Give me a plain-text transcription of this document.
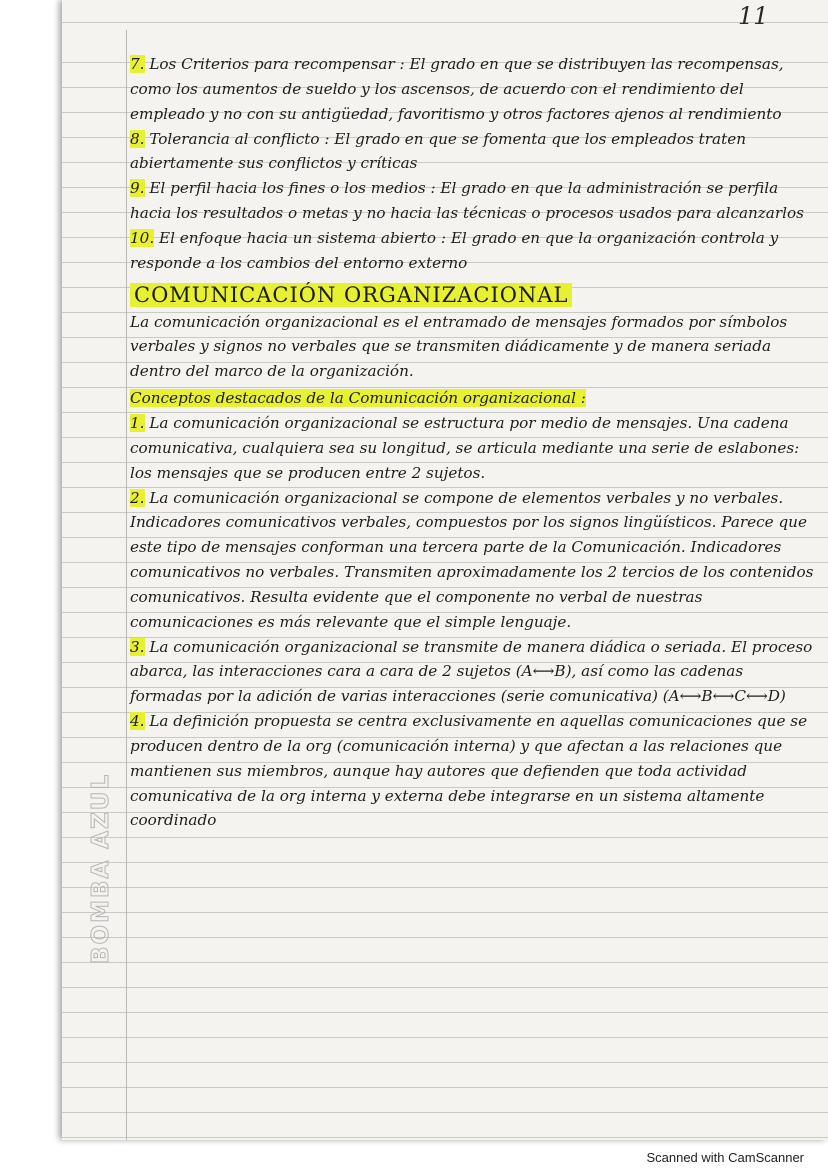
11

7. Los Criterios para recompensar : El grado en que se distribuyen las recompensas, como los aumentos de sueldo y los ascensos, de acuerdo con el rendimiento del empleado y no con su antigüedad, favoritismo y otros factores ajenos al rendimiento

8. Tolerancia al conflicto : El grado en que se fomenta que los empleados traten abiertamente sus conflictos y críticas

9. El perfil hacia los fines o los medios : El grado en que la administración se perfila hacia los resultados o metas y no hacia las técnicas o procesos usados para alcanzarlos

10. El enfoque hacia un sistema abierto : El grado en que la organización controla y responde a los cambios del entorno externo

COMUNICACIÓN ORGANIZACIONAL

La comunicación organizacional es el entramado de mensajes formados por símbolos verbales y signos no verbales que se transmiten diádicamente y de manera seriada dentro del marco de la organización.

Conceptos destacados de la Comunicación organizacional :

1. La comunicación organizacional se estructura por medio de mensajes. Una cadena comunicativa, cualquiera sea su longitud, se articula mediante una serie de eslabones: los mensajes que se producen entre 2 sujetos.

2. La comunicación organizacional se compone de elementos verbales y no verbales. Indicadores comunicativos verbales, compuestos por los signos lingüísticos. Parece que este tipo de mensajes conforman una tercera parte de la Comunicación. Indicadores comunicativos no verbales. Transmiten aproximadamente los 2 tercios de los contenidos comunicativos. Resulta evidente que el componente no verbal de nuestras comunicaciones es más relevante que el simple lenguaje.

3. La comunicación organizacional se transmite de manera diádica o seriada. El proceso abarca, las interacciones cara a cara de 2 sujetos (A⟷B), así como las cadenas formadas por la adición de varias interacciones (serie comunicativa) (A⟷B⟷C⟷D)

4. La definición propuesta se centra exclusivamente en aquellas comunicaciones que se producen dentro de la org (comunicación interna) y que afectan a las relaciones que mantienen sus miembros, aunque hay autores que defienden que toda actividad comunicativa de la org interna y externa debe integrarse en un sistema altamente coordinado

BOMBA AZUL
Scanned with CamScanner
